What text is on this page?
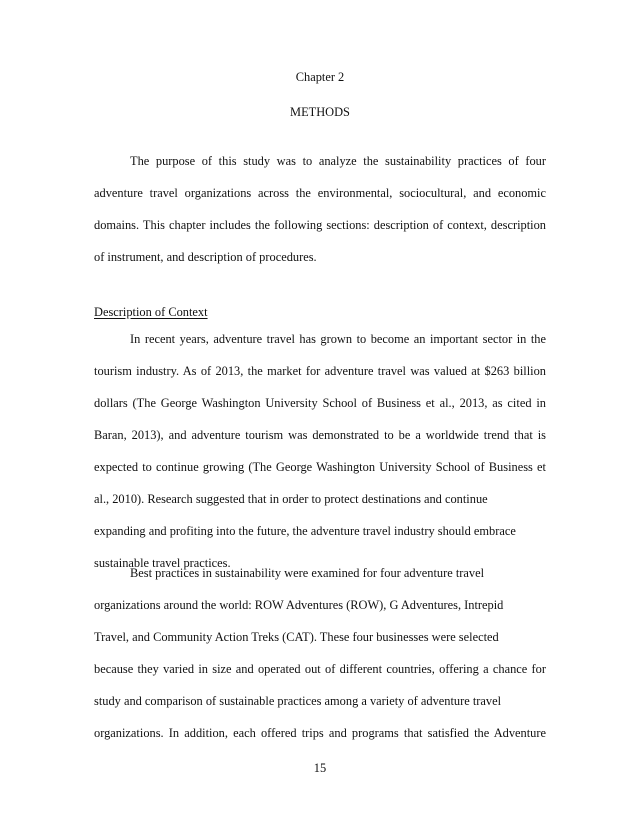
Chapter 2
METHODS
The purpose of this study was to analyze the sustainability practices of four
adventure travel organizations across the environmental, sociocultural, and economic
domains. This chapter includes the following sections: description of context, description
of instrument, and description of procedures.
Description of Context
In recent years, adventure travel has grown to become an important sector in the
tourism industry. As of 2013, the market for adventure travel was valued at $263 billion
dollars (The George Washington University School of Business et al., 2013, as cited in
Baran, 2013), and adventure tourism was demonstrated to be a worldwide trend that is
expected to continue growing (The George Washington University School of Business et
al., 2010). Research suggested that in order to protect destinations and continue
expanding and profiting into the future, the adventure travel industry should embrace
sustainable travel practices.
Best practices in sustainability were examined for four adventure travel
organizations around the world: ROW Adventures (ROW), G Adventures, Intrepid
Travel, and Community Action Treks (CAT). These four businesses were selected
because they varied in size and operated out of different countries, offering a chance for
study and comparison of sustainable practices among a variety of adventure travel
organizations. In addition, each offered trips and programs that satisfied the Adventure
15
